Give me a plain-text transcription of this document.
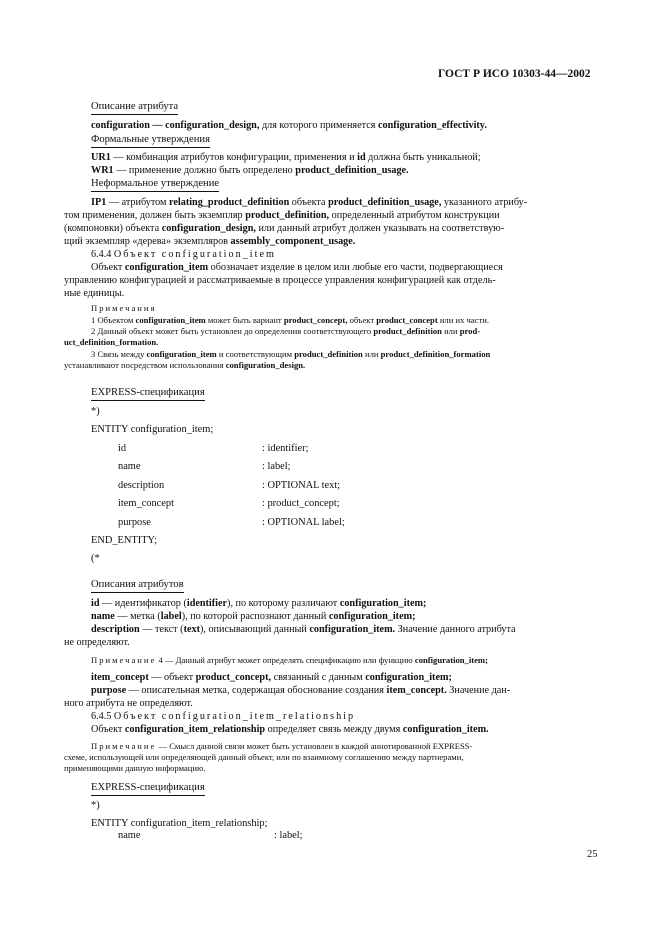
ГОСТ Р ИСО 10303-44—2002
Описание атрибута
configuration — configuration_design, для которого применяется configuration_effectivity.
Формальные утверждения
UR1 — комбинация атрибутов конфигурации, применения и id должна быть уникальной;
WR1 — применение должно быть определено product_definition_usage.
Неформальное утверждение
IP1 — атрибутом relating_product_definition объекта product_definition_usage, указанного атрибу-
том применения, должен быть экземпляр product_definition, определенный атрибутом конструкции
(компоновки) объекта configuration_design, или данный атрибут должен указывать на соответствую-
щий экземпляр «дерева» экземпляров assembly_component_usage.
6.4.4 Объект configuration_item
Объект configuration_item обозначает изделие в целом или любые его части, подвергающиеся
управлению конфигурацией и рассматриваемые в процессе управления конфигурацией как отдель-
ные единицы.
Примечания
1 Объектом configuration_item может быть вариант product_concept, объект product_concept или их части.
2 Данный объект может быть установлен до определения соответствующего product_definition или prod-
uct_definition_formation.
3 Связь между configuration_item и соответствующим product_definition или product_definition_formation
устанавливают посредством использования configuration_design.
EXPRESS-спецификация
*)
ENTITY configuration_item;
id	: identifier;
name	: label;
description	: OPTIONAL text;
item_concept	: product_concept;
purpose	: OPTIONAL label;
END_ENTITY;
(*
Описания атрибутов
id — идентификатор (identifier), по которому различают configuration_item;
name — метка (label), по которой распознают данный configuration_item;
description — текст (text), описывающий данный configuration_item. Значение данного атрибута
не определяют.
Примечание 4 — Данный атрибут может определять спецификацию или функцию configuration_item;
item_concept — объект product_concept, связанный с данным configuration_item;
purpose — описательная метка, содержащая обоснование создания item_concept. Значение дан-
ного атрибута не определяют.
6.4.5 Объект configuration_item_relationship
Объект configuration_item_relationship определяет связь между двумя configuration_item.
Примечание — Смысл данной связи может быть установлен в каждой аннотированной EXPRESS-
схеме, использующей или определяющей данный объект, или по взаимному соглашению между партнерами,
применяющими данную информацию.
EXPRESS-спецификация
*)
ENTITY configuration_item_relationship;
name	: label;
25
